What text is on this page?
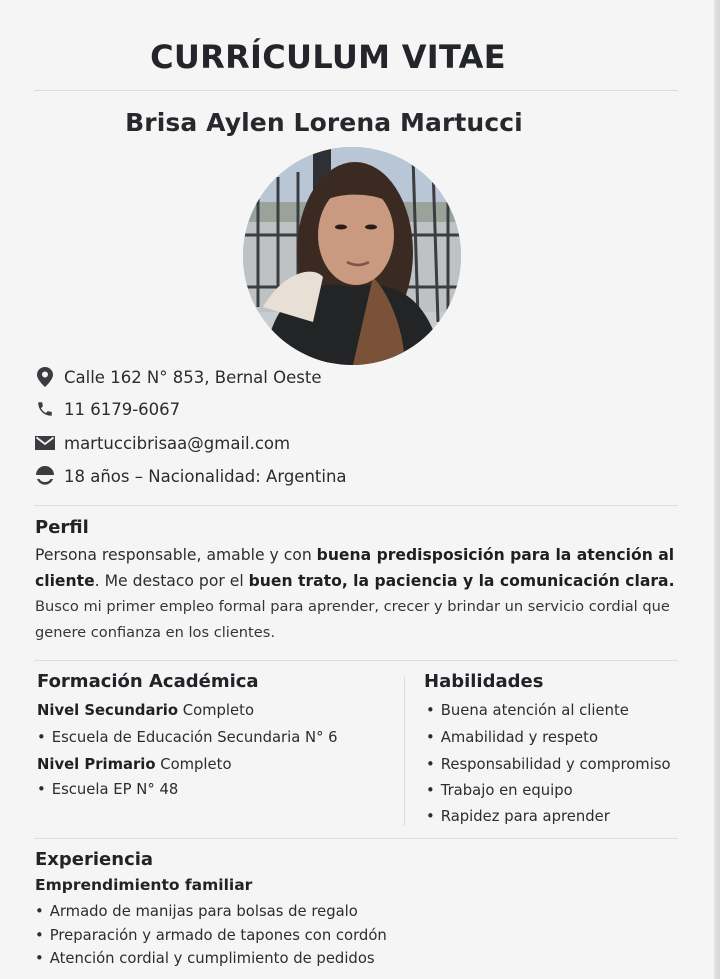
CURRÍCULUM VITAE
Brisa Aylen Lorena Martucci
Calle 162 N° 853, Bernal Oeste
11 6179-6067
martuccibrisaa@gmail.com
18 años – Nacionalidad: Argentina
Perfil
Persona responsable, amable y con buena predisposición para la atención al cliente. Me destaco por el buen trato, la paciencia y la comunicación clara.
Busco mi primer empleo formal para aprender, crecer y brindar un servicio cordial que genere confianza en los clientes.
Formación Académica
Nivel Secundario Completo
• Escuela de Educación Secundaria N° 6
Nivel Primario Completo
• Escuela EP N° 48
Habilidades
• Buena atención al cliente
• Amabilidad y respeto
• Responsabilidad y compromiso
• Trabajo en equipo
• Rapidez para aprender
Experiencia
Emprendimiento familiar
• Armado de manijas para bolsas de regalo
• Preparación y armado de tapones con cordón
• Atención cordial y cumplimiento de pedidos
